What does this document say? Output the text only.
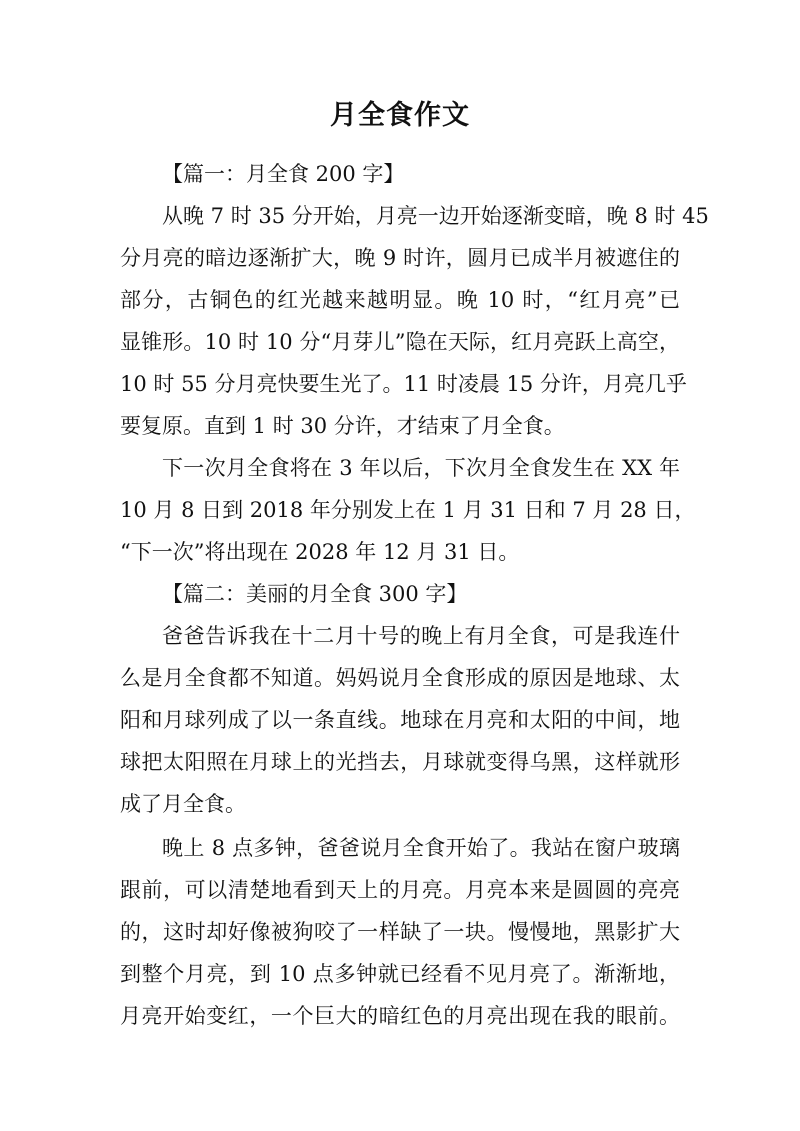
月全食作文
【篇一：月全食 200 字】
从晚 7 时 35 分开始，月亮一边开始逐渐变暗，晚 8 时 45
分月亮的暗边逐渐扩大，晚 9 时许，圆月已成半月被遮住的
部分，古铜色的红光越来越明显。晚 10 时，“红月亮”已
显锥形。10 时 10 分“月芽儿”隐在天际，红月亮跃上高空，
10 时 55 分月亮快要生光了。11 时凌晨 15 分许，月亮几乎
要复原。直到 1 时 30 分许，才结束了月全食。
下一次月全食将在 3 年以后，下次月全食发生在 XX 年
10 月 8 日到 2018 年分别发上在 1 月 31 日和 7 月 28 日，
“下一次”将出现在 2028 年 12 月 31 日。
【篇二：美丽的月全食 300 字】
爸爸告诉我在十二月十号的晚上有月全食，可是我连什
么是月全食都不知道。妈妈说月全食形成的原因是地球、太
阳和月球列成了以一条直线。地球在月亮和太阳的中间，地
球把太阳照在月球上的光挡去，月球就变得乌黑，这样就形
成了月全食。
晚上 8 点多钟，爸爸说月全食开始了。我站在窗户玻璃
跟前，可以清楚地看到天上的月亮。月亮本来是圆圆的亮亮
的，这时却好像被狗咬了一样缺了一块。慢慢地，黑影扩大
到整个月亮，到 10 点多钟就已经看不见月亮了。渐渐地，
月亮开始变红，一个巨大的暗红色的月亮出现在我的眼前。
